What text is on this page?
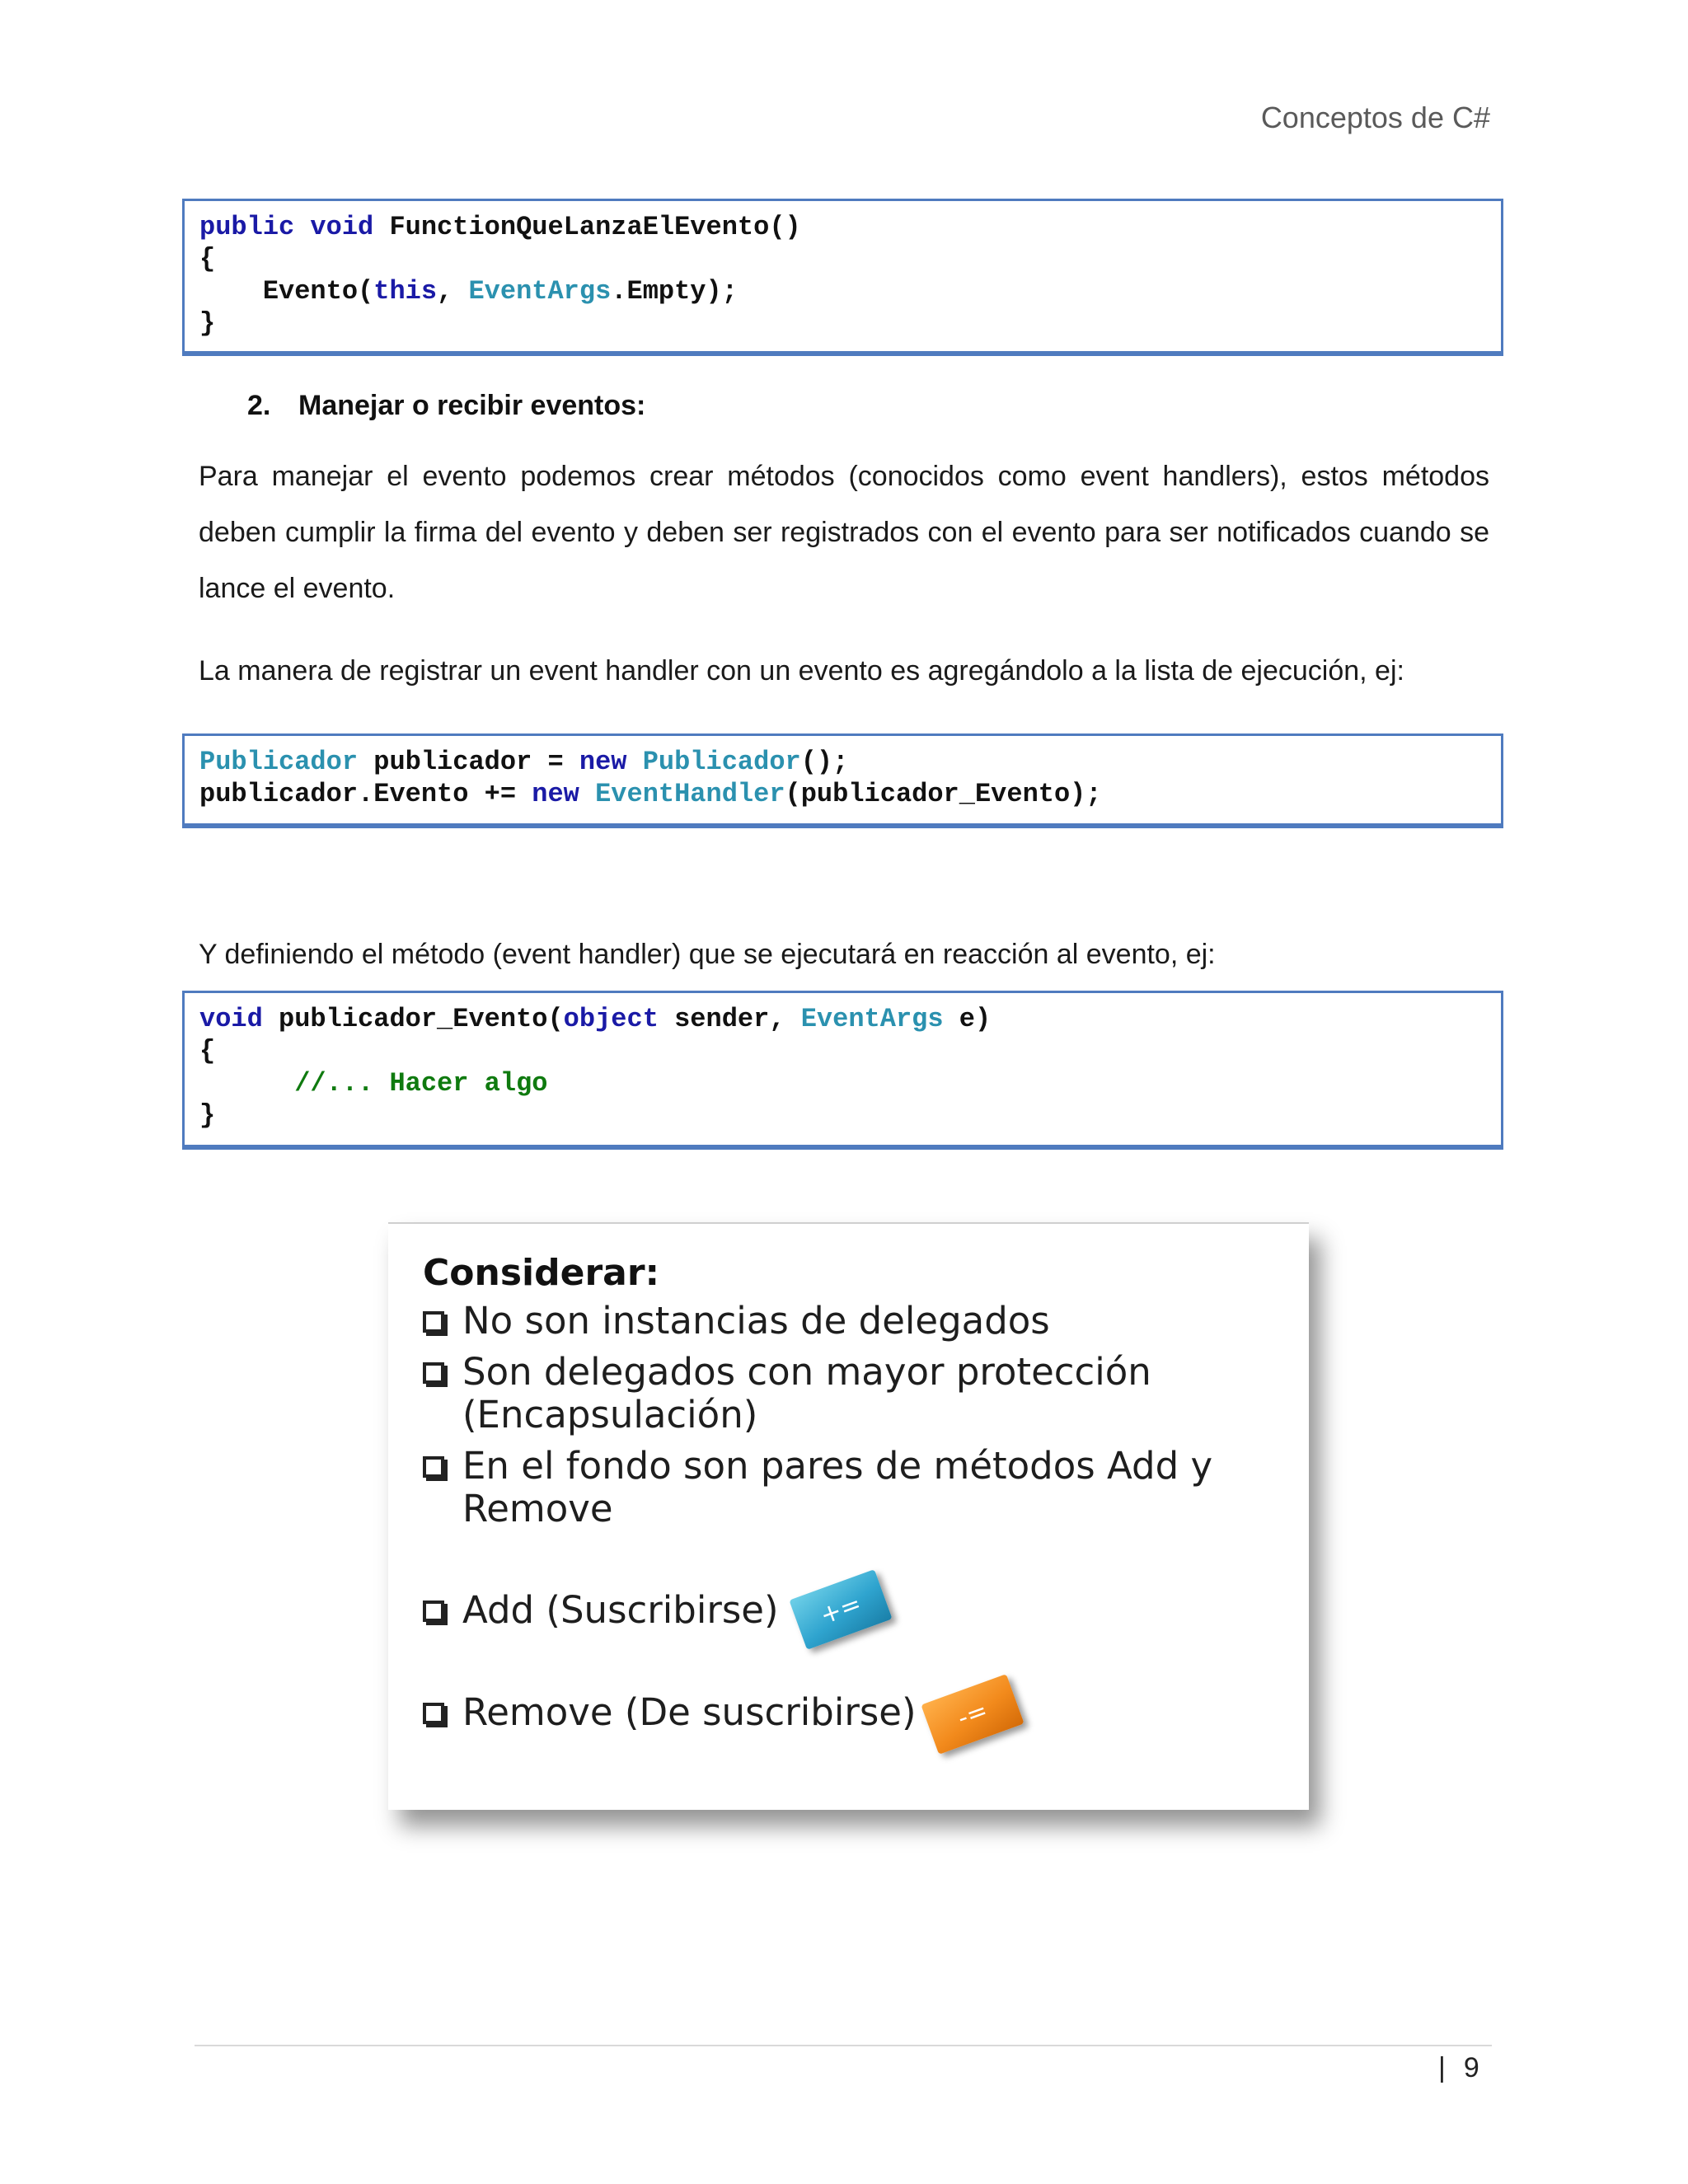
Conceptos de C#
public void FunctionQueLanzaElEvento()
{
Evento(this, EventArgs.Empty);
}
2. Manejar o recibir eventos:
Para manejar el evento podemos crear métodos (conocidos como event handlers), estos métodos deben cumplir la firma del evento y deben ser registrados con el evento para ser notificados cuando se lance el evento.
La manera de registrar un event handler con un evento es agregándolo a la lista de ejecución, ej:
Publicador publicador = new Publicador();
publicador.Evento += new EventHandler(publicador_Evento);
Y definiendo el método (event handler) que se ejecutará en reacción al evento, ej:
void publicador_Evento(object sender, EventArgs e)
{
//... Hacer algo
}
Considerar:
No son instancias de delegados
Son delegados con mayor protección
(Encapsulación)
En el fondo son pares de métodos Add y
Remove
Add (Suscribirse)
Remove (De suscribirse)
+=
-=
| 9
